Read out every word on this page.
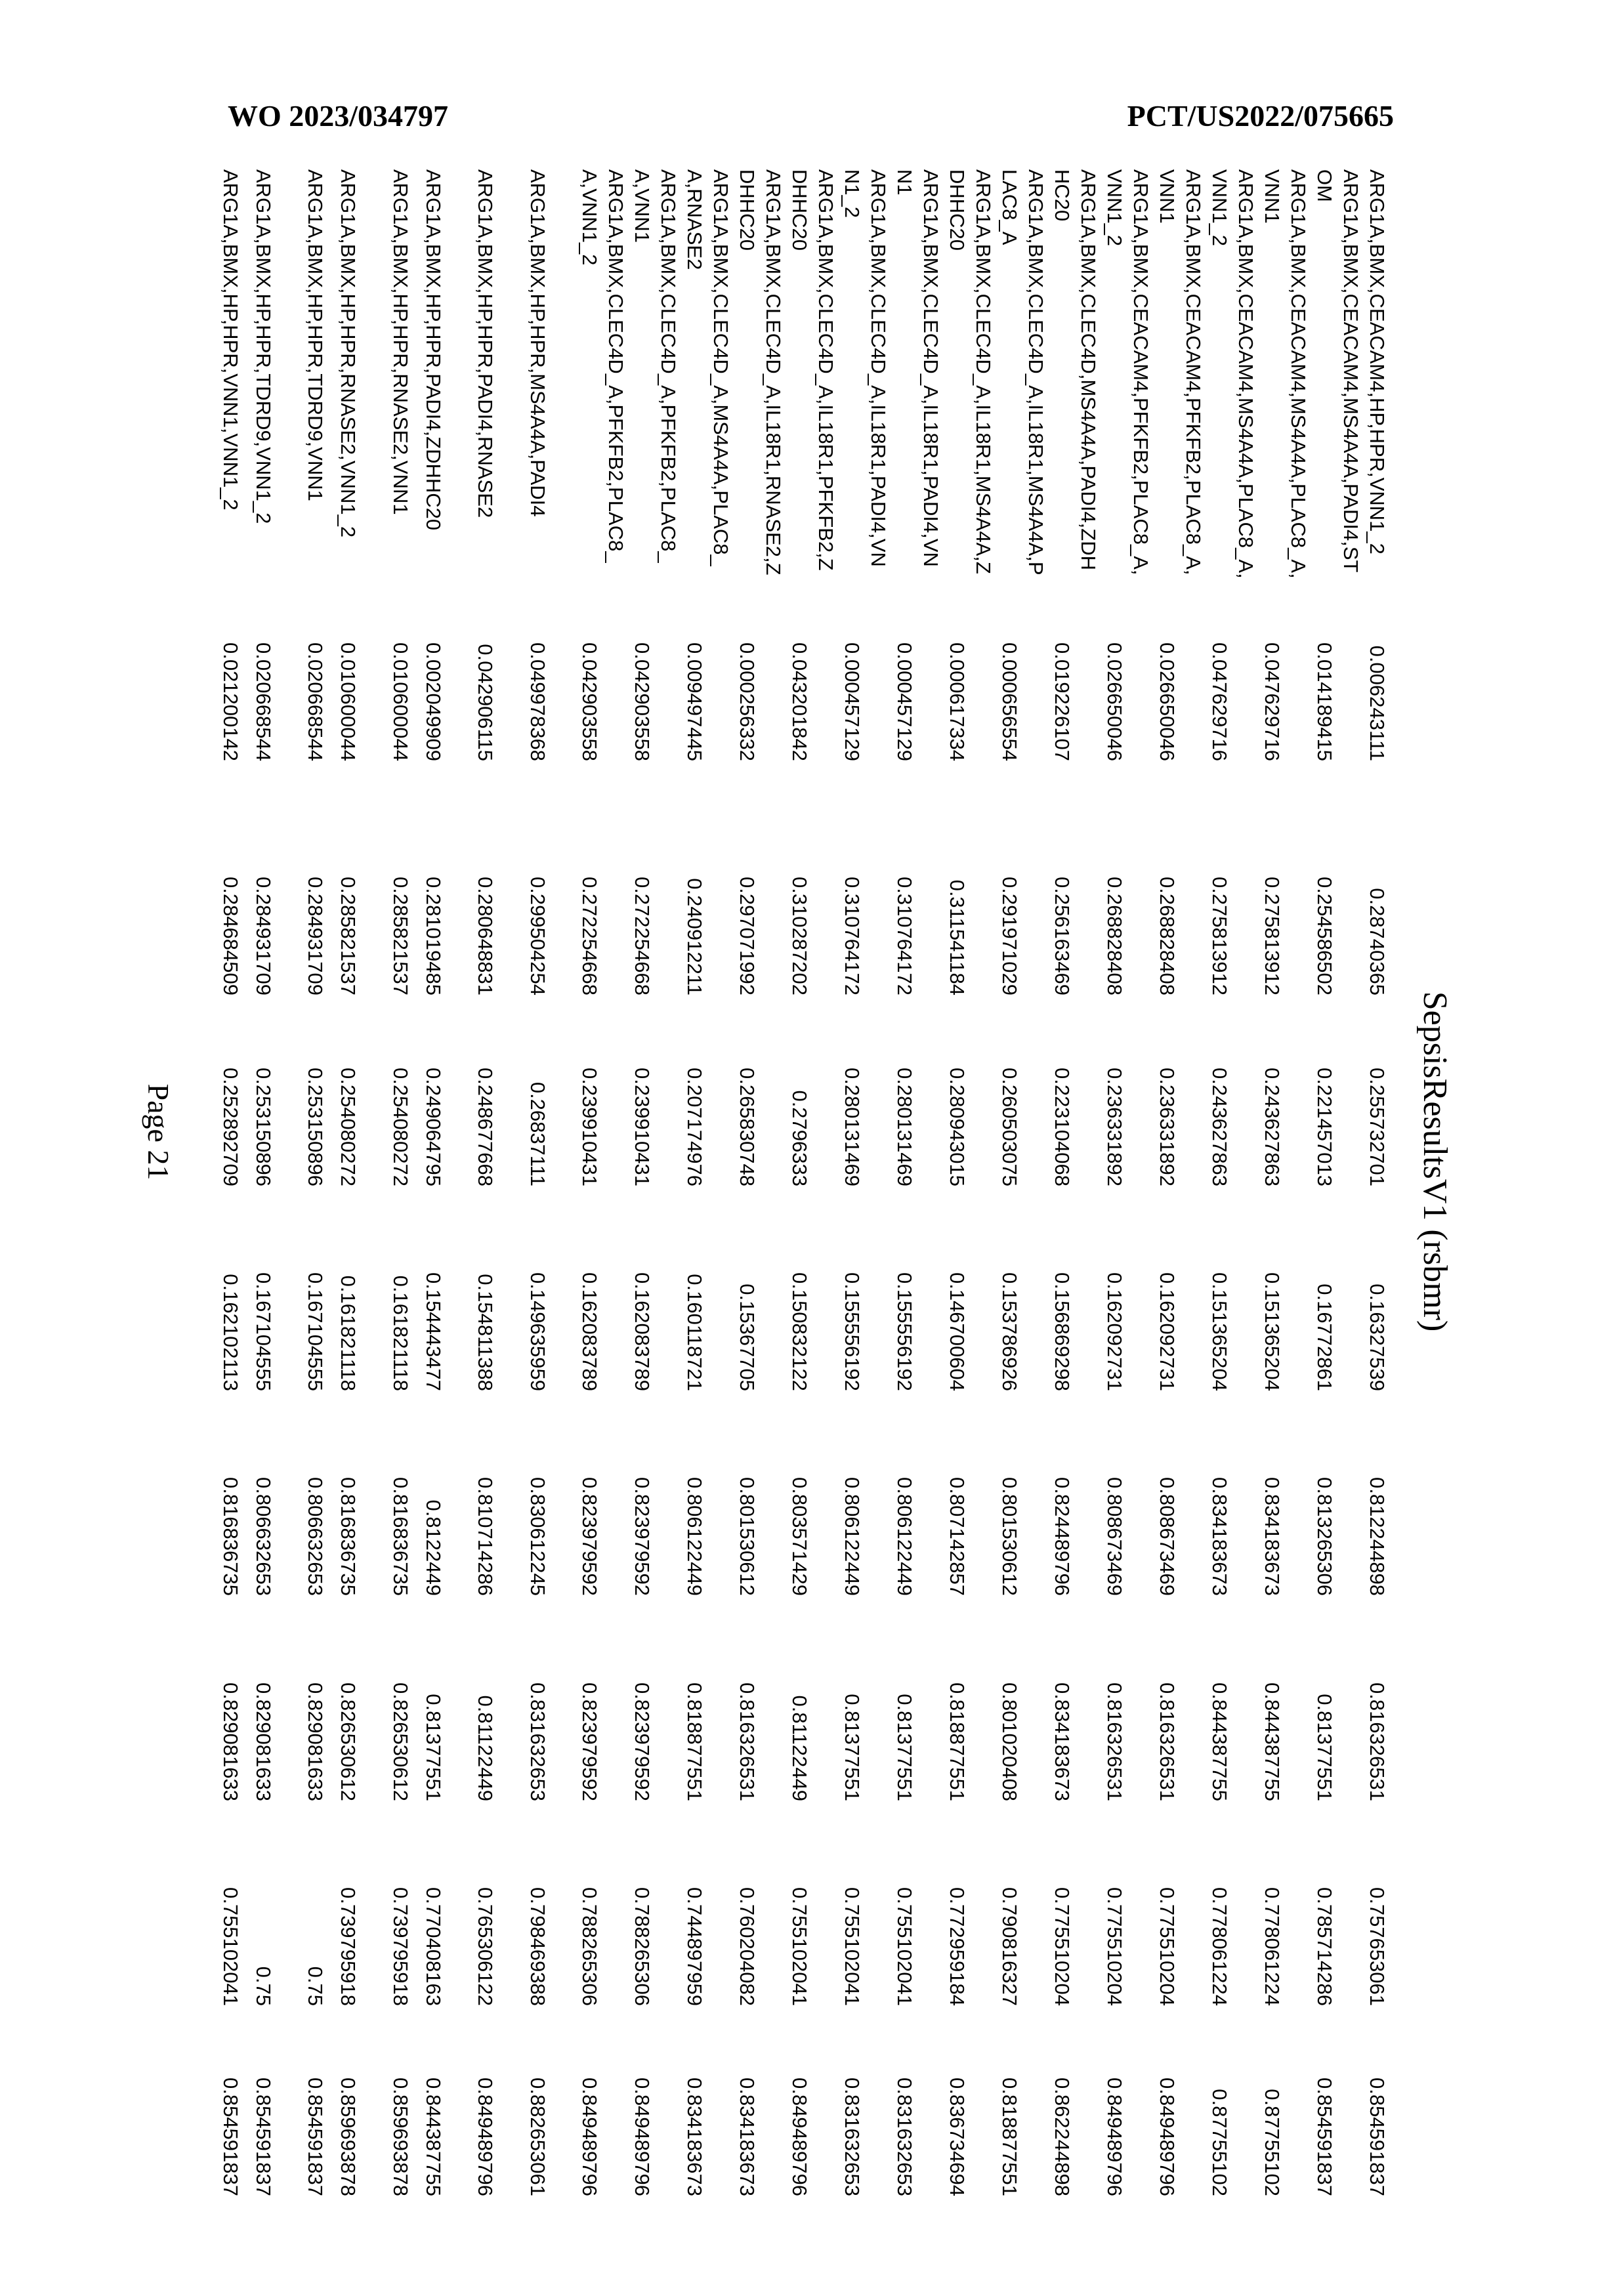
WO 2023/034797	PCT/US2022/075665
SepsisResultsV1 (rsbmr)
ARG1A,BMX,CEACAM4,HP,HPR,VNN1_2	0.006243111	0.28740365	0.255732701	0.16327539	0.812244898	0.816326531	0.757653061	0.854591837
ARG1A,BMX,CEACAM4,MS4A4A,PADI4,STOM	0.014189415	0.254586502	0.221457013	0.16772861	0.813265306	0.81377551	0.785714286	0.854591837
ARG1A,BMX,CEACAM4,MS4A4A,PLAC8_A,VNN1	0.047629716	0.275813912	0.243627863	0.151365204	0.834183673	0.844387755	0.778061224	0.87755102
ARG1A,BMX,CEACAM4,MS4A4A,PLAC8_A,VNN1_2	0.047629716	0.275813912	0.243627863	0.151365204	0.834183673	0.844387755	0.778061224	0.87755102
ARG1A,BMX,CEACAM4,PFKFB2,PLAC8_A,VNN1	0.026650046	0.268828408	0.236331892	0.162092731	0.808673469	0.816326531	0.775510204	0.849489796
ARG1A,BMX,CEACAM4,PFKFB2,PLAC8_A,VNN1_2	0.026650046	0.268828408	0.236331892	0.162092731	0.808673469	0.816326531	0.775510204	0.849489796
ARG1A,BMX,CLEC4D,MS4A4A,PADI4,ZDHHC20	0.019226107	0.256163469	0.223104068	0.156869298	0.824489796	0.834183673	0.775510204	0.862244898
ARG1A,BMX,CLEC4D_A,IL18R1,MS4A4A,PLAC8_A	0.000656554	0.291971029	0.260503075	0.153786926	0.801530612	0.801020408	0.790816327	0.818877551
ARG1A,BMX,CLEC4D_A,IL18R1,MS4A4A,ZDHHC20	0.000617334	0.311541184	0.280943015	0.146700604	0.807142857	0.818877551	0.772959184	0.836734694
ARG1A,BMX,CLEC4D_A,IL18R1,PADI4,VNN1	0.000457129	0.310764172	0.280131469	0.155556192	0.806122449	0.81377551	0.755102041	0.831632653
ARG1A,BMX,CLEC4D_A,IL18R1,PADI4,VNN1_2	0.000457129	0.310764172	0.280131469	0.155556192	0.806122449	0.81377551	0.755102041	0.831632653
ARG1A,BMX,CLEC4D_A,IL18R1,PFKFB2,ZDHHC20	0.043201842	0.310287202	0.2796333	0.150832122	0.803571429	0.81122449	0.755102041	0.849489796
ARG1A,BMX,CLEC4D_A,IL18R1,RNASE2,ZDHHC20	0.000256332	0.297071992	0.265830748	0.15367705	0.801530612	0.816326531	0.760204082	0.834183673
ARG1A,BMX,CLEC4D_A,MS4A4A,PLAC8_A,RNASE2	0.009497445	0.240912211	0.207174976	0.160118721	0.806122449	0.818877551	0.744897959	0.834183673
ARG1A,BMX,CLEC4D_A,PFKFB2,PLAC8_A,VNN1	0.042903558	0.272254668	0.239910431	0.162083789	0.823979592	0.823979592	0.788265306	0.849489796
ARG1A,BMX,CLEC4D_A,PFKFB2,PLAC8_A,VNN1_2	0.042903558	0.272254668	0.239910431	0.162083789	0.823979592	0.823979592	0.788265306	0.849489796
ARG1A,BMX,HP,HPR,MS4A4A,PADI4	0.049978368	0.299504254	0.26837111	0.149635959	0.830612245	0.831632653	0.798469388	0.882653061
ARG1A,BMX,HP,HPR,PADI4,RNASE2	0.042906115	0.280648831	0.248677668	0.154811388	0.810714286	0.81122449	0.765306122	0.849489796
ARG1A,BMX,HP,HPR,PADI4,ZDHHC20	0.002049909	0.281019485	0.249064795	0.154443477	0.8122449	0.81377551	0.770408163	0.844387755
ARG1A,BMX,HP,HPR,RNASE2,VNN1	0.010600044	0.285821537	0.254080272	0.161821118	0.816836735	0.826530612	0.739795918	0.859693878
ARG1A,BMX,HP,HPR,RNASE2,VNN1_2	0.010600044	0.285821537	0.254080272	0.161821118	0.816836735	0.826530612	0.739795918	0.859693878
ARG1A,BMX,HP,HPR,TDRD9,VNN1	0.020668544	0.284931709	0.253150896	0.167104555	0.806632653	0.829081633	0.75	0.854591837
ARG1A,BMX,HP,HPR,TDRD9,VNN1_2	0.020668544	0.284931709	0.253150896	0.167104555	0.806632653	0.829081633	0.75	0.854591837
ARG1A,BMX,HP,HPR,VNN1,VNN1_2	0.021200142	0.284684509	0.252892709	0.162102113	0.816836735	0.829081633	0.755102041	0.854591837
Page 21
